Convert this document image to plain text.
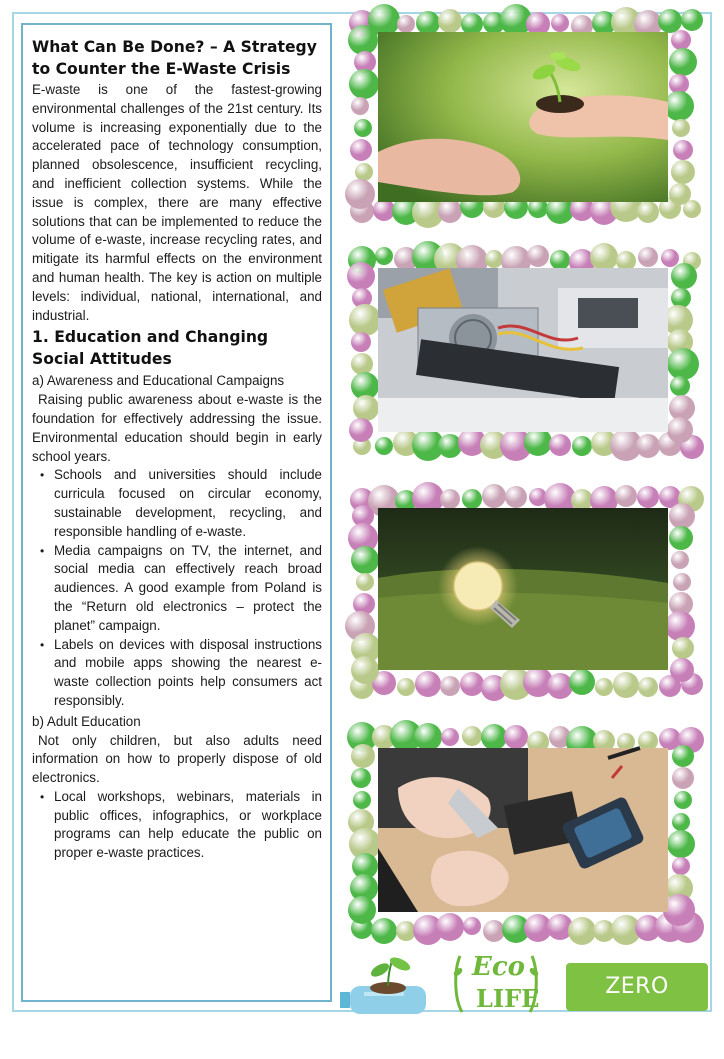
What Can Be Done? – A Strategy to Counter the E-Waste Crisis

E-waste is one of the fastest-growing environmental challenges of the 21st century. Its volume is increasing exponentially due to the accelerated pace of technology consumption, planned obsolescence, insufficient recycling, and inefficient collection systems. While the issue is complex, there are many effective solutions that can be implemented to reduce the volume of e-waste, increase recycling rates, and mitigate its harmful effects on the environment and human health. The key is action on multiple levels: individual, national, international, and industrial.

1. Education and Changing Social Attitudes
a) Awareness and Educational Campaigns

Raising public awareness about e-waste is the foundation for effectively addressing the issue. Environmental education should begin in early school years.

• Schools and universities should include curricula focused on circular economy, sustainable development, recycling, and responsible handling of e-waste.
• Media campaigns on TV, the internet, and social media can effectively reach broad audiences. A good example from Poland is the “Return old electronics – protect the planet” campaign.
• Labels on devices with disposal instructions and mobile apps showing the nearest e-waste collection points help consumers act responsibly.
b) Adult Education

Not only children, but also adults need information on how to properly dispose of old electronics.

• Local workshops, webinars, materials in public offices, infographics, or workplace programs can help educate the public on proper e-waste practices.
Eco
LIFE	ZERO WASTE
